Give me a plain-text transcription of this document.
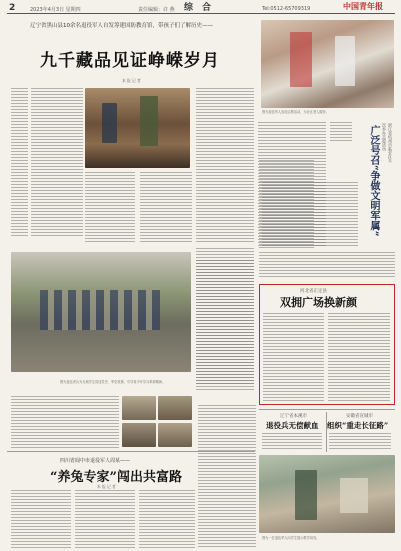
2	2023年4月3日 星期四	责任编辑：许 燕 综　合	Tel:0512-65709319	中国青年报
辽宁省黑山县10余名退役军人自发筹建国防教育馆，带孩子们了解历史——
九千藏品见证峥嵘岁月
本 报 记 者
图为退伍军人参加志愿活动，为社区老人服务。
浙江省杭州市临安区多次举办志愿活动
广泛号召“争做文明军属”
图为退伍老兵为当地学生讲述党史、军史故事，引导青少年学习革命精神。
河北省正定县
双拥广场换新颜
四川省阆中市退役军人周某——
“养兔专家”闯出共富路
本 报 记 者
辽宁省本溪市
退役兵无偿献血
安徽省宣城市
组织“重走长征路”
图为一位退伍军人向学生展示教学用具。
